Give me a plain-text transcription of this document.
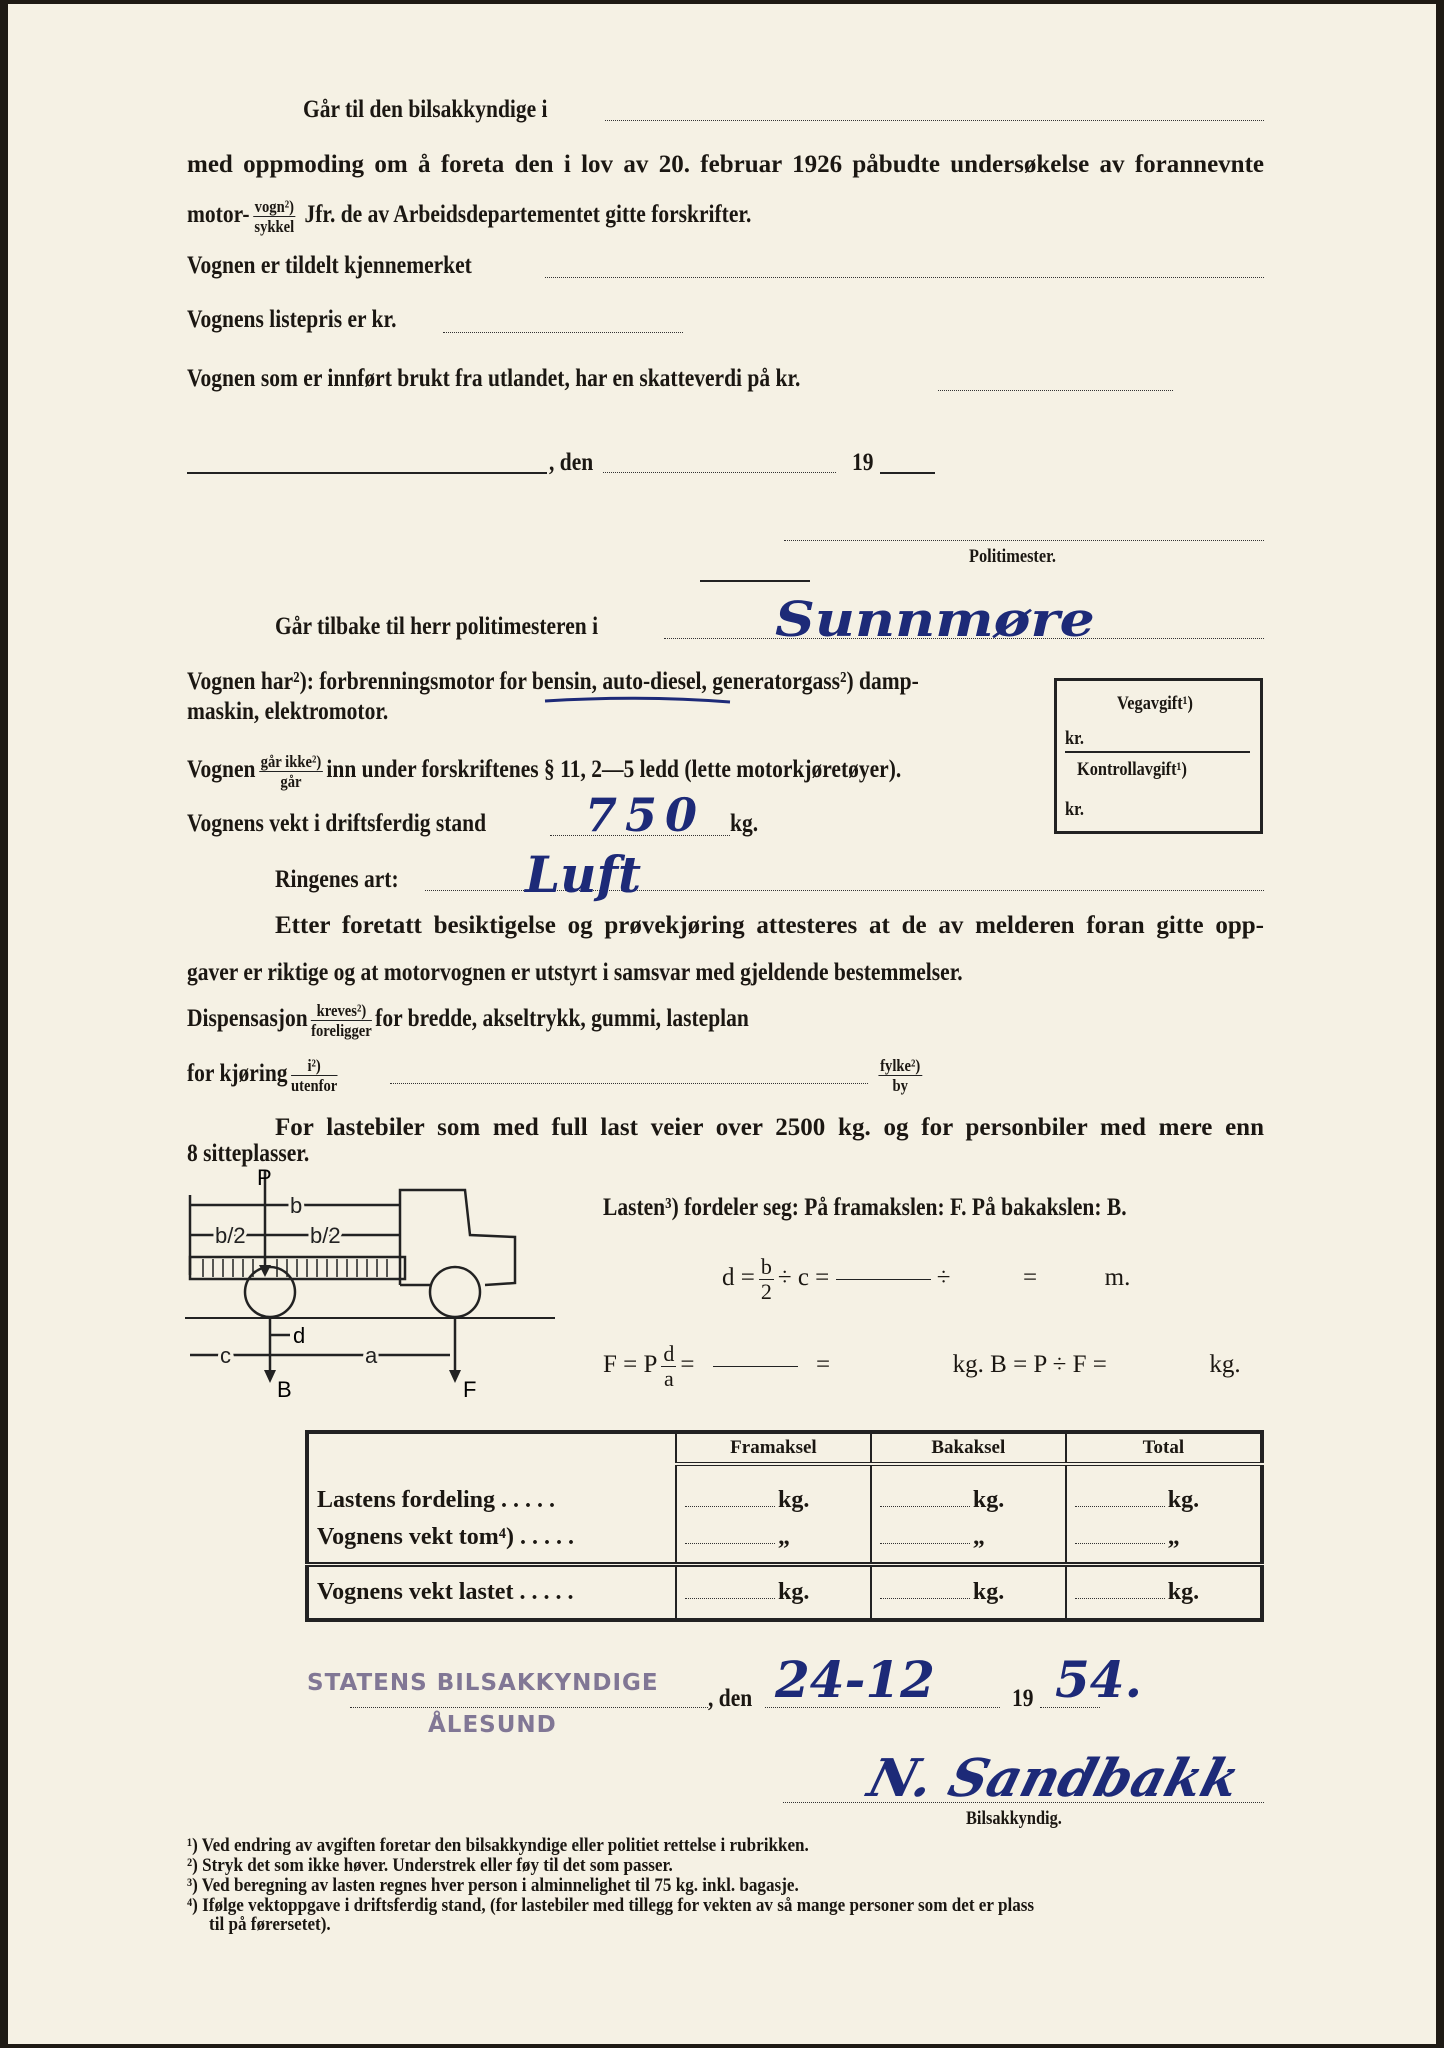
Går til den bilsakkyndige i
med oppmoding om å foreta den i lov av 20. februar 1926 påbudte undersøkelse av forannevnte
motor- $\frac{\text{vogn²)}}{\text{sykkel}}$ Jfr. de av Arbeidsdepartementet gitte forskrifter.
Vognen er tildelt kjennemerket
Vognens listepris er kr.
Vognen som er innført brukt fra utlandet, har en skatteverdi på kr.
, den	19
Politimester.
Går tilbake til herr politimesteren i	Sunnmøre
Vognen har²): forbrenningsmotor for bensin, auto-diesel, generatorgass²) damp-
maskin, elektromotor.	Vegavgift¹)
kr.
Kontrollavgift¹)
kr.
Vognen $\frac{\text{går ikke²)}}{\text{går}}$ inn under forskriftenes § 11, 2—5 ledd (lette motorkjøretøyer).
Vognens vekt i driftsferdig stand 750 kg.
Ringenes art:	Luft
Etter foretatt besiktigelse og prøvekjøring attesteres at de av melderen foran gitte opp-
gaver er riktige og at motorvognen er utstyrt i samsvar med gjeldende bestemmelser.
Dispensasjon $\frac{\text{kreves²)}}{\text{foreligger}}$ for bredde, akseltrykk, gummi, lasteplan
for kjøring $\frac{\text{i²)}}{\text{utenfor}}$	$\frac{\text{fylke²)}}{by}$
For lastebiler som med full last veier over 2500 kg. og for personbiler med mere enn
8 sitteplasser.
P
b
b/2	b/2
c	a
d
B	F
Lasten³) fordeler seg: På framakslen: F. På bakakslen: B.
$d = \frac{b}{2} \div c$ =	÷	=	m.
F = P $\frac{d}{a}$ =	=	kg. B = P ÷ F =	kg.
	Framaksel	Bakaksel	Total
Lastens fordeling . . . . .	kg.	kg.	kg.
Vognens vekt tom⁴) . . . . .	„	„	„
Vognens vekt lastet . . . . .	kg.	kg.	kg.
STATENS BILSAKKYNDIGE
ÅLESUND
, den 24-12	19 54.
N. Sandbakk
Bilsakkyndig.
¹) Ved endring av avgiften foretar den bilsakkyndige eller politiet rettelse i rubrikken.
²) Stryk det som ikke høver. Understrek eller føy til det som passer.
³) Ved beregning av lasten regnes hver person i alminnelighet til 75 kg. inkl. bagasje.
⁴) Ifølge vektoppgave i driftsferdig stand, (for lastebiler med tillegg for vekten av så mange personer som det er plass
til på førersetet).
